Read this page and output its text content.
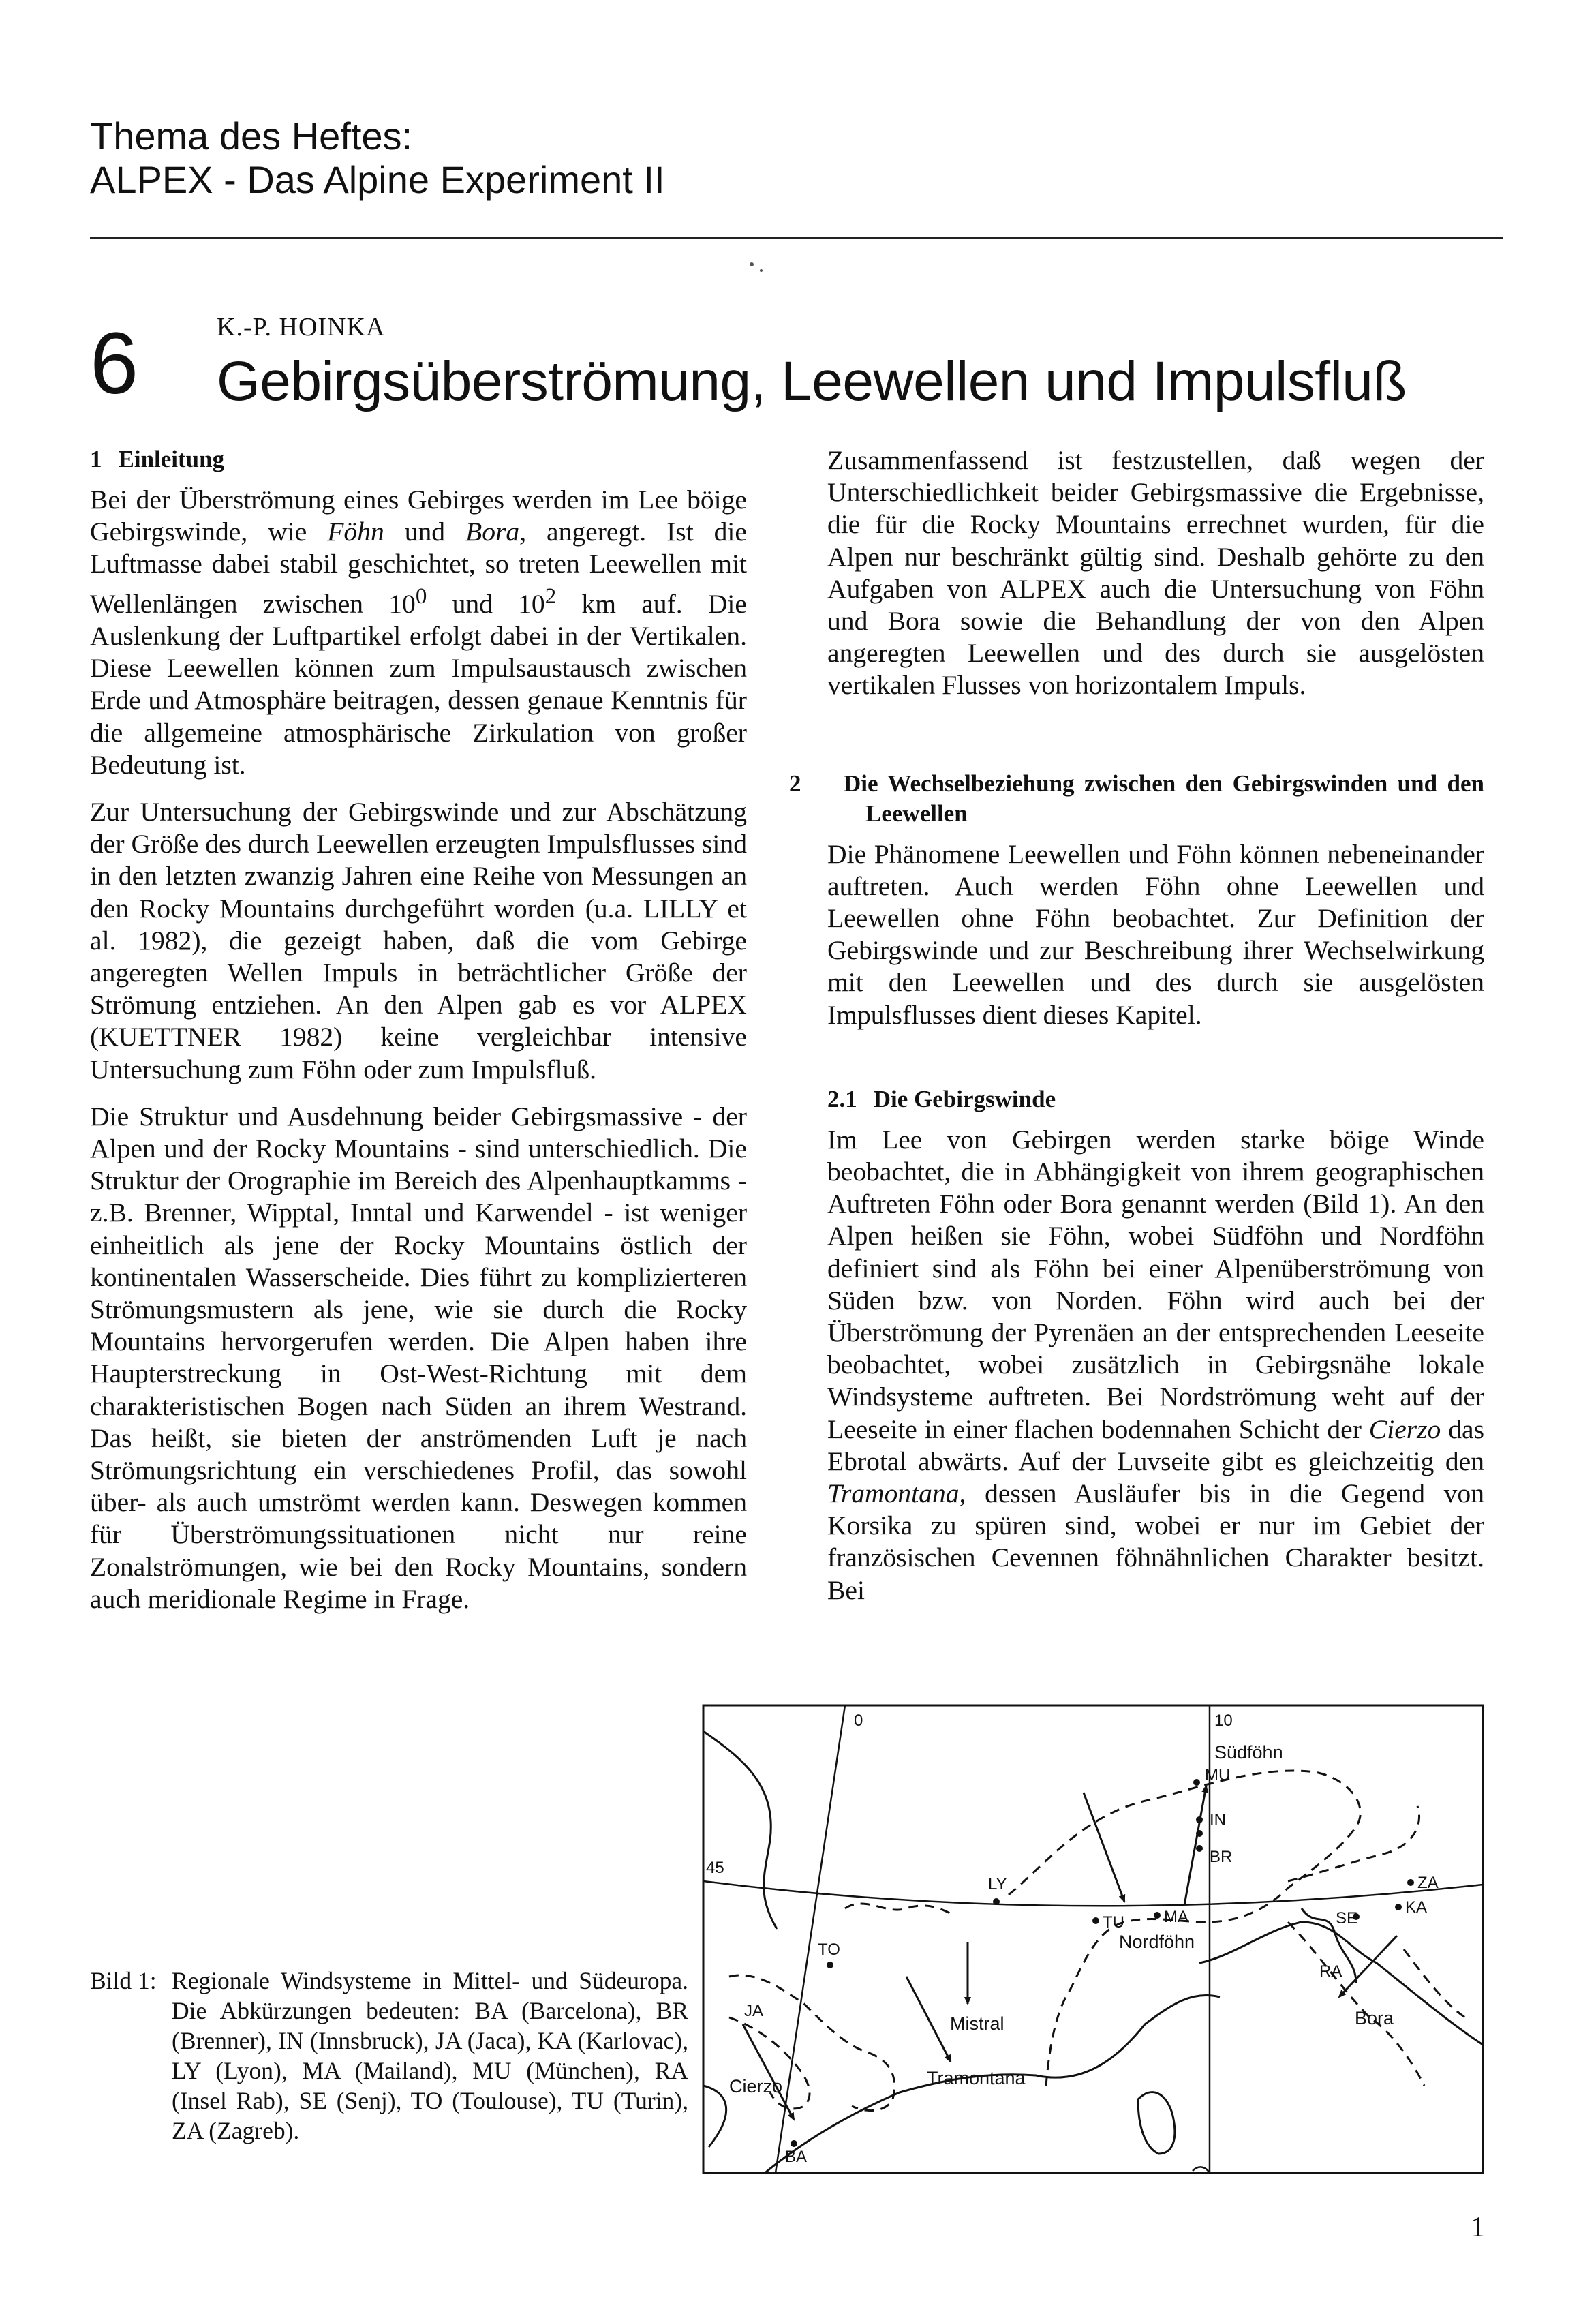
Thema des Heftes:
ALPEX - Das Alpine Experiment II
6	K.-P. HOINKA
Gebirgsüberströmung, Leewellen und Impulsfluß
1 Einleitung

Bei der Überströmung eines Gebirges werden im Lee böige Gebirgswinde, wie Föhn und Bora, angeregt. Ist die Luftmasse dabei stabil geschichtet, so treten Leewellen mit Wellenlängen zwischen $10^0$ und $10^2$ km auf. Die Auslenkung der Luftpartikel erfolgt dabei in der Vertikalen. Diese Leewellen können zum Impulsaustausch zwischen Erde und Atmosphäre beitragen, dessen genaue Kenntnis für die allgemeine atmosphärische Zirkulation von großer Bedeutung ist.

Zur Untersuchung der Gebirgswinde und zur Abschätzung der Größe des durch Leewellen erzeugten Impulsflusses sind in den letzten zwanzig Jahren eine Reihe von Messungen an den Rocky Mountains durchgeführt worden (u.a. LILLY et al. 1982), die gezeigt haben, daß die vom Gebirge angeregten Wellen Impuls in beträchtlicher Größe der Strömung entziehen. An den Alpen gab es vor ALPEX (KUETTNER 1982) keine vergleichbar intensive Untersuchung zum Föhn oder zum Impulsfluß.

Die Struktur und Ausdehnung beider Gebirgsmassive - der Alpen und der Rocky Mountains - sind unterschiedlich. Die Struktur der Orographie im Bereich des Alpenhauptkamms - z.B. Brenner, Wipptal, Inntal und Karwendel - ist weniger einheitlich als jene der Rocky Mountains östlich der kontinentalen Wasserscheide. Dies führt zu komplizierteren Strömungsmustern als jene, wie sie durch die Rocky Mountains hervorgerufen werden. Die Alpen haben ihre Haupterstreckung in Ost-West-Richtung mit dem charakteristischen Bogen nach Süden an ihrem Westrand. Das heißt, sie bieten der anströmenden Luft je nach Strömungsrichtung ein verschiedenes Profil, das sowohl über- als auch umströmt werden kann. Deswegen kommen für Überströmungssituationen nicht nur reine Zonalströmungen, wie bei den Rocky Mountains, sondern auch meridionale Regime in Frage.

Zusammenfassend ist festzustellen, daß wegen der Unterschiedlichkeit beider Gebirgsmassive die Ergebnisse, die für die Rocky Mountains errechnet wurden, für die Alpen nur beschränkt gültig sind. Deshalb gehörte zu den Aufgaben von ALPEX auch die Untersuchung von Föhn und Bora sowie die Behandlung der von den Alpen angeregten Leewellen und des durch sie ausgelösten vertikalen Flusses von horizontalem Impuls.

2 Die Wechselbeziehung zwischen den Gebirgswinden und den Leewellen

Die Phänomene Leewellen und Föhn können nebeneinander auftreten. Auch werden Föhn ohne Leewellen und Leewellen ohne Föhn beobachtet. Zur Definition der Gebirgswinde und zur Beschreibung ihrer Wechselwirkung mit den Leewellen und des durch sie ausgelösten Impulsflusses dient dieses Kapitel.

2.1 Die Gebirgswinde

Im Lee von Gebirgen werden starke böige Winde beobachtet, die in Abhängigkeit von ihrem geographischen Auftreten Föhn oder Bora genannt werden (Bild 1). An den Alpen heißen sie Föhn, wobei Südföhn und Nordföhn definiert sind als Föhn bei einer Alpenüberströmung von Süden bzw. von Norden. Föhn wird auch bei der Überströmung der Pyrenäen an der entsprechenden Leeseite beobachtet, wobei zusätzlich in Gebirgsnähe lokale Windsysteme auftreten. Bei Nordströmung weht auf der Leeseite in einer flachen bodennahen Schicht der Cierzo das Ebrotal abwärts. Auf der Luvseite gibt es gleichzeitig den Tramontana, dessen Ausläufer bis in die Gegend von Korsika zu spüren sind, wobei er nur im Gebiet der französischen Cevennen föhnähnlichen Charakter besitzt. Bei

Bild 1: Regionale Windsysteme in Mittel- und Südeuropa. Die Abkürzungen bedeuten: BA (Barcelona), BR (Brenner), IN (Innsbruck), JA (Jaca), KA (Karlovac), LY (Lyon), MA (Mailand), MU (München), RA (Insel Rab), SE (Senj), TO (Toulouse), TU (Turin), ZA (Zagreb).
0	10
45
Südföhn
MU
IN
BR
ZA
KA
SE
LY
TU MA
Nordföhn
TO
RA
JA
Mistral	Bora
Tramontana
Cierzo
BA
1
